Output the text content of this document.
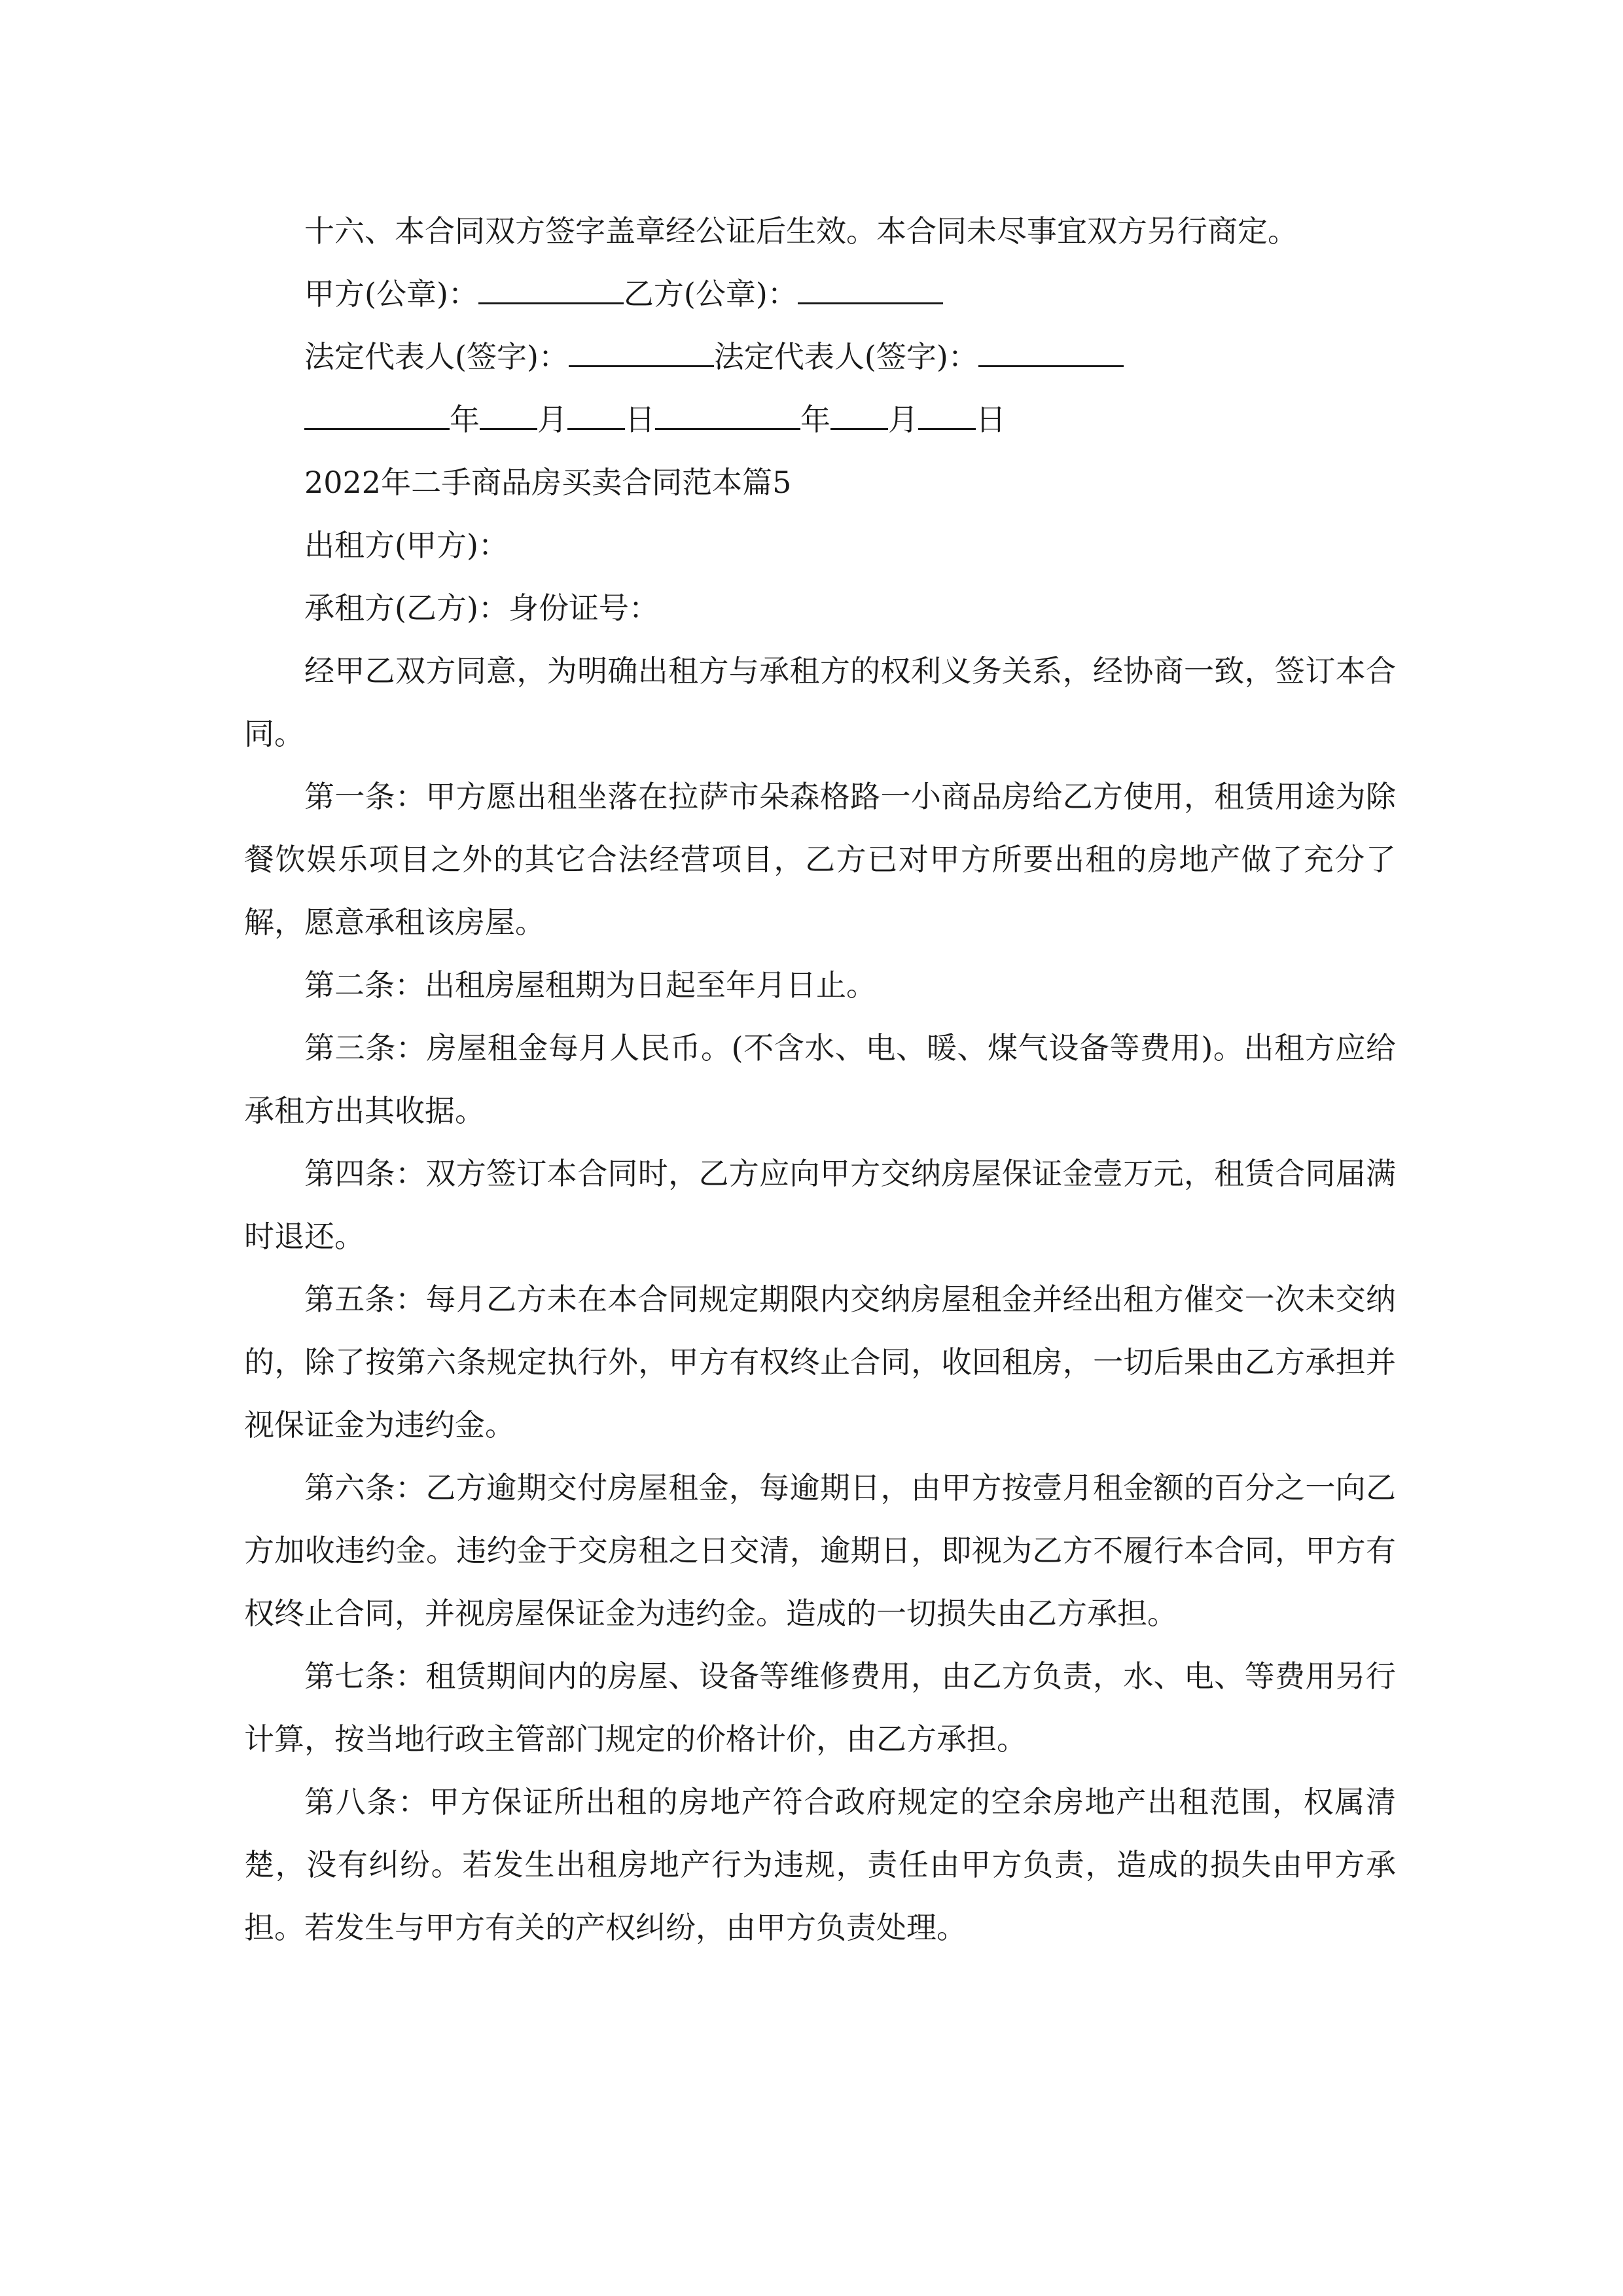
十六、本合同双方签字盖章经公证后生效。本合同未尽事宜双方另行商定。

甲方(公章)：	乙方(公章)：

法定代表人(签字)：	法定代表人(签字)：

年 月 日	年 月 日

2022年二手商品房买卖合同范本篇5

出租方(甲方)：

承租方(乙方)：身份证号：

经甲乙双方同意，为明确出租方与承租方的权利义务关系，经协商一致，签订本合同。

第一条：甲方愿出租坐落在拉萨市朵森格路一小商品房给乙方使用，租赁用途为除餐饮娱乐项目之外的其它合法经营项目，乙方已对甲方所要出租的房地产做了充分了解，愿意承租该房屋。

第二条：出租房屋租期为日起至年月日止。

第三条：房屋租金每月人民币。(不含水、电、暖、煤气设备等费用)。出租方应给承租方出其收据。

第四条：双方签订本合同时，乙方应向甲方交纳房屋保证金壹万元，租赁合同届满时退还。

第五条：每月乙方未在本合同规定期限内交纳房屋租金并经出租方催交一次未交纳的，除了按第六条规定执行外，甲方有权终止合同，收回租房，一切后果由乙方承担并视保证金为违约金。

第六条：乙方逾期交付房屋租金，每逾期日，由甲方按壹月租金额的百分之一向乙方加收违约金。违约金于交房租之日交清，逾期日，即视为乙方不履行本合同，甲方有权终止合同，并视房屋保证金为违约金。造成的一切损失由乙方承担。

第七条：租赁期间内的房屋、设备等维修费用，由乙方负责，水、电、等费用另行计算，按当地行政主管部门规定的价格计价，由乙方承担。

第八条：甲方保证所出租的房地产符合政府规定的空余房地产出租范围，权属清楚，没有纠纷。若发生出租房地产行为违规，责任由甲方负责，造成的损失由甲方承担。若发生与甲方有关的产权纠纷，由甲方负责处理。
